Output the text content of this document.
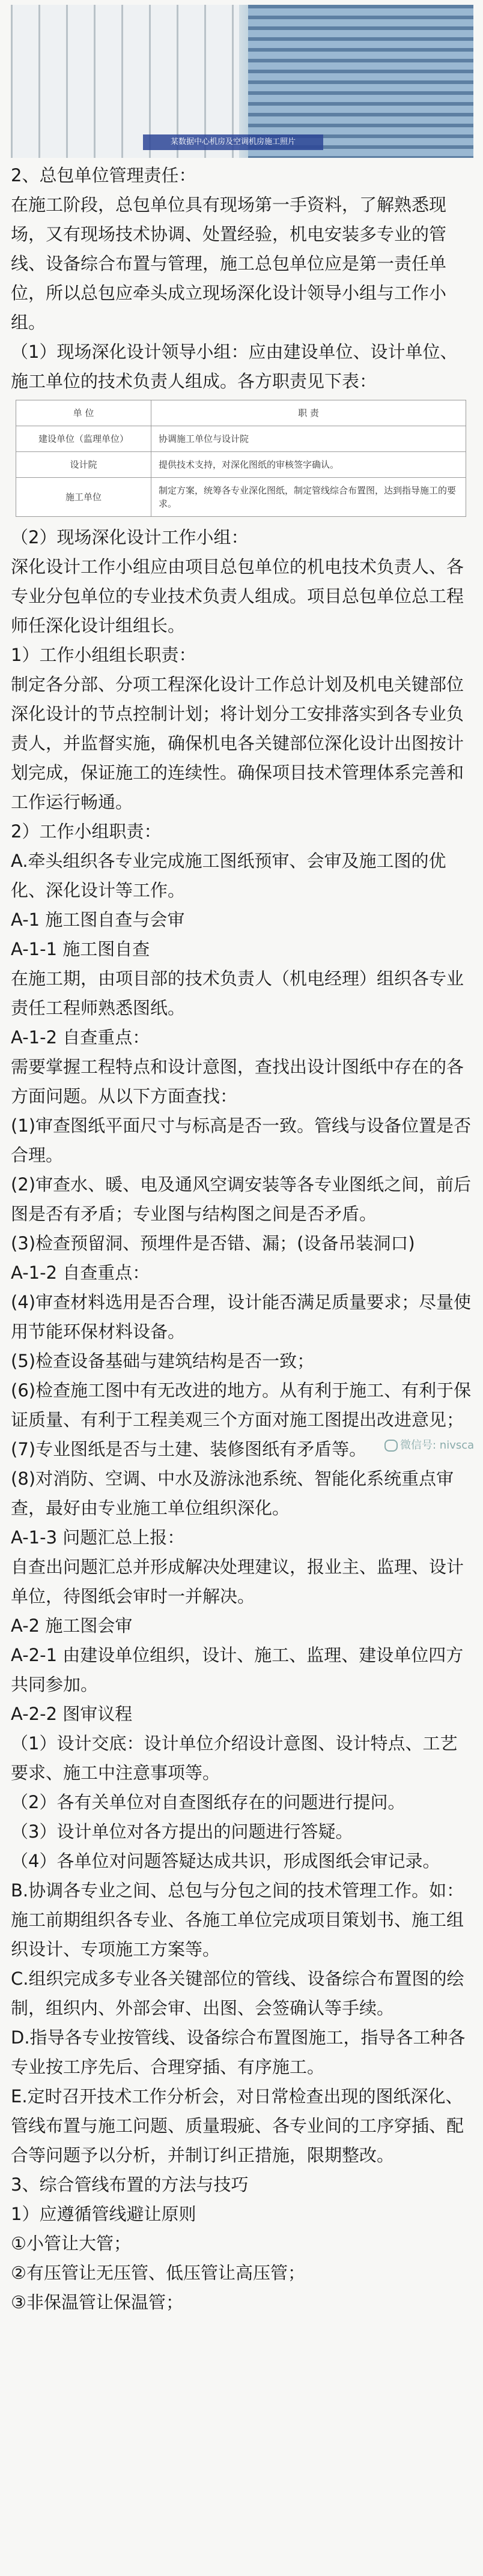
某数据中心机房及空调机房施工照片

2、总包单位管理责任：

在施工阶段，总包单位具有现场第一手资料，了解熟悉现场，又有现场技术协调、处置经验，机电安装多专业的管线、设备综合布置与管理，施工总包单位应是第一责任单位，所以总包应牵头成立现场深化设计领导小组与工作小组。

（1）现场深化设计领导小组：应由建设单位、设计单位、施工单位的技术负责人组成。各方职责见下表：

单 位	职 责
建设单位（监理单位）	协调施工单位与设计院
设计院	提供技术支持，对深化图纸的审核签字确认。
施工单位	制定方案，统筹各专业深化图纸，制定管线综合布置图，达到指导施工的要求。

（2）现场深化设计工作小组：

深化设计工作小组应由项目总包单位的机电技术负责人、各专业分包单位的专业技术负责人组成。项目总包单位总工程师任深化设计组组长。

1）工作小组组长职责：

制定各分部、分项工程深化设计工作总计划及机电关键部位深化设计的节点控制计划；将计划分工安排落实到各专业负责人，并监督实施，确保机电各关键部位深化设计出图按计划完成，保证施工的连续性。确保项目技术管理体系完善和工作运行畅通。

2）工作小组职责：

A.牵头组织各专业完成施工图纸预审、会审及施工图的优化、深化设计等工作。

A-1 施工图自查与会审

A-1-1 施工图自查

在施工期，由项目部的技术负责人（机电经理）组织各专业责任工程师熟悉图纸。

A-1-2 自查重点：

需要掌握工程特点和设计意图，查找出设计图纸中存在的各方面问题。从以下方面查找：

(1)审查图纸平面尺寸与标高是否一致。管线与设备位置是否合理。

(2)审查水、暖、电及通风空调安装等各专业图纸之间，前后图是否有矛盾；专业图与结构图之间是否矛盾。

(3)检查预留洞、预埋件是否错、漏；(设备吊装洞口)

A-1-2 自查重点：

(4)审查材料选用是否合理，设计能否满足质量要求；尽量使用节能环保材料设备。

(5)检查设备基础与建筑结构是否一致；

(6)检查施工图中有无改进的地方。从有利于施工、有利于保证质量、有利于工程美观三个方面对施工图提出改进意见；

(7)专业图纸是否与土建、装修图纸有矛盾等。

(8)对消防、空调、中水及游泳池系统、智能化系统重点审查，最好由专业施工单位组织深化。

A-1-3 问题汇总上报：

自查出问题汇总并形成解决处理建议，报业主、监理、设计单位，待图纸会审时一并解决。

A-2 施工图会审

A-2-1 由建设单位组织，设计、施工、监理、建设单位四方共同参加。

A-2-2 图审议程

（1）设计交底：设计单位介绍设计意图、设计特点、工艺要求、施工中注意事项等。

（2）各有关单位对自查图纸存在的问题进行提问。

（3）设计单位对各方提出的问题进行答疑。

（4）各单位对问题答疑达成共识，形成图纸会审记录。

B.协调各专业之间、总包与分包之间的技术管理工作。如：施工前期组织各专业、各施工单位完成项目策划书、施工组织设计、专项施工方案等。

C.组织完成多专业各关键部位的管线、设备综合布置图的绘制，组织内、外部会审、出图、会签确认等手续。

D.指导各专业按管线、设备综合布置图施工，指导各工种各专业按工序先后、合理穿插、有序施工。

E.定时召开技术工作分析会，对日常检查出现的图纸深化、管线布置与施工问题、质量瑕疵、各专业间的工序穿插、配合等问题予以分析，并制订纠正措施，限期整改。

3、综合管线布置的方法与技巧

1）应遵循管线避让原则

①小管让大管；

②有压管让无压管、低压管让高压管；

③非保温管让保温管；

微信号: nivsca
